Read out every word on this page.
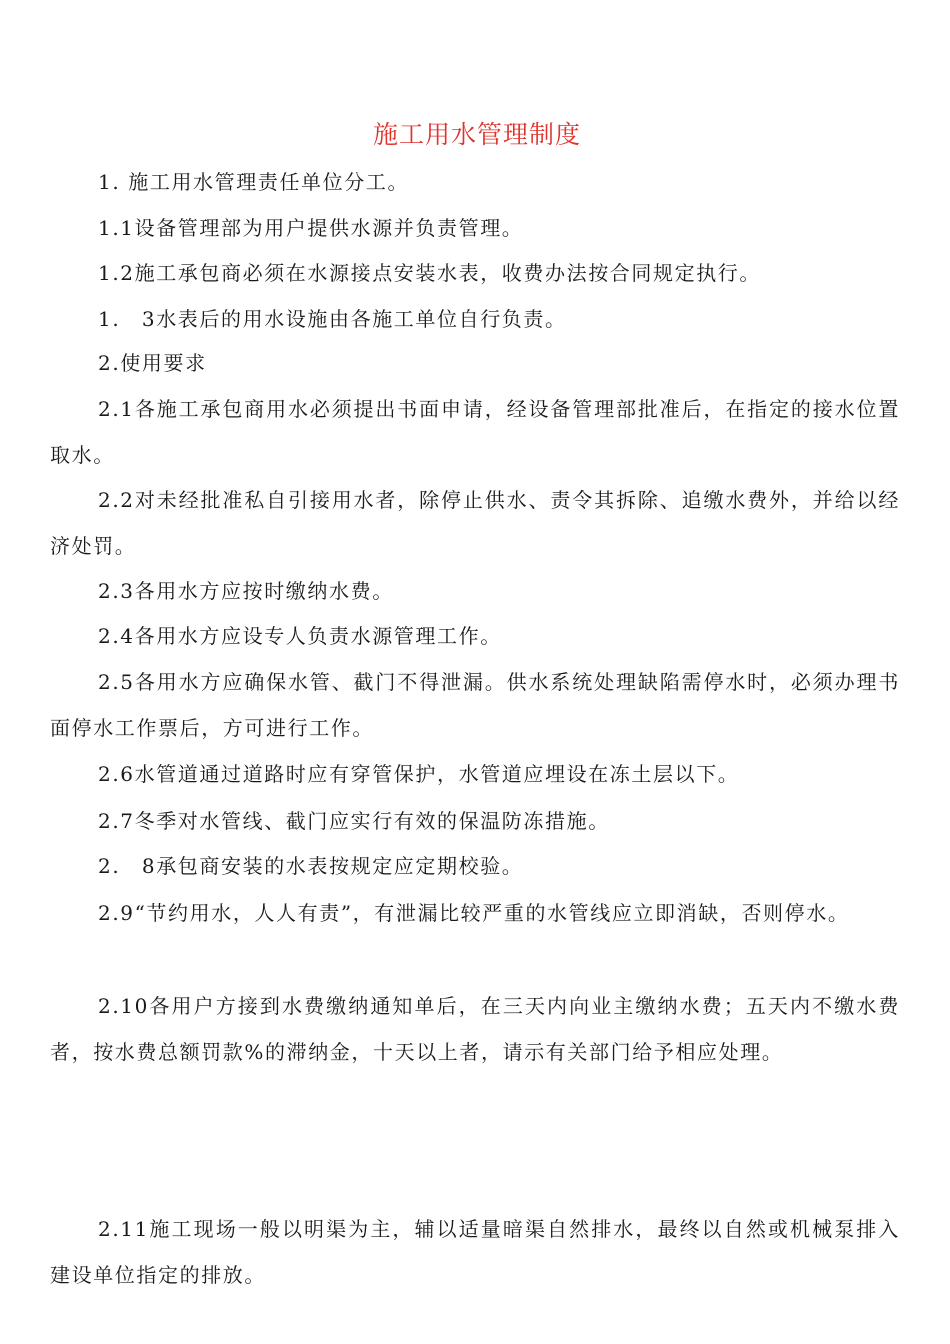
施工用水管理制度
1. 施工用水管理责任单位分工。
1.1设备管理部为用户提供水源并负责管理。
1.2施工承包商必须在水源接点安装水表，收费办法按合同规定执行。
1.　3水表后的用水设施由各施工单位自行负责。
2.使用要求
2.1各施工承包商用水必须提出书面申请，经设备管理部批准后，在指定的接水位置取水。
2.2对未经批准私自引接用水者，除停止供水、责令其拆除、追缴水费外，并给以经济处罚。
2.3各用水方应按时缴纳水费。
2.4各用水方应设专人负责水源管理工作。
2.5各用水方应确保水管、截门不得泄漏。供水系统处理缺陷需停水时，必须办理书面停水工作票后，方可进行工作。
2.6水管道通过道路时应有穿管保护，水管道应埋设在冻土层以下。
2.7冬季对水管线、截门应实行有效的保温防冻措施。
2.　8承包商安装的水表按规定应定期校验。
2.9“节约用水，人人有责”，有泄漏比较严重的水管线应立即消缺，否则停水。
2.10各用户方接到水费缴纳通知单后，在三天内向业主缴纳水费；五天内不缴水费者，按水费总额罚款%的滞纳金，十天以上者，请示有关部门给予相应处理。
2.11施工现场一般以明渠为主，辅以适量暗渠自然排水，最终以自然或机械泵排入建设单位指定的排放。
